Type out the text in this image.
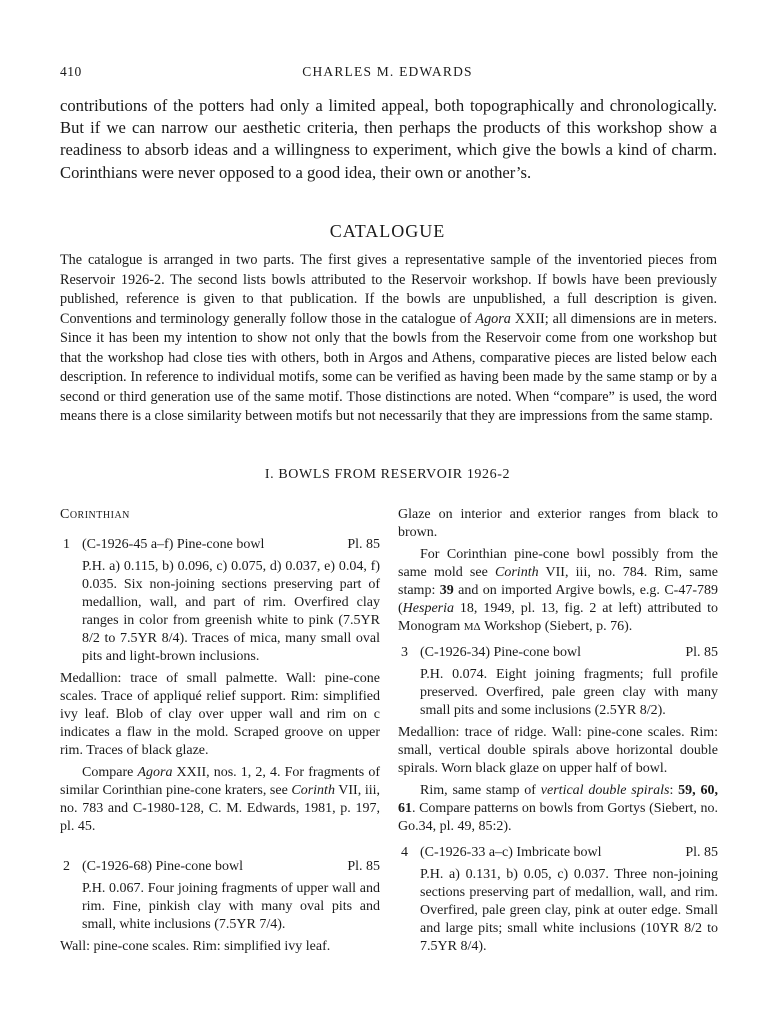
410	CHARLES M. EDWARDS

contributions of the potters had only a limited appeal, both topographically and chronologically. But if we can narrow our aesthetic criteria, then perhaps the products of this workshop show a readiness to absorb ideas and a willingness to experiment, which give the bowls a kind of charm. Corinthians were never opposed to a good idea, their own or another’s.

CATALOGUE

The catalogue is arranged in two parts. The first gives a representative sample of the inventoried pieces from Reservoir 1926-2. The second lists bowls attributed to the Reservoir workshop. If bowls have been previously published, reference is given to that publication. If the bowls are unpublished, a full description is given. Conventions and terminology generally follow those in the catalogue of Agora XXII; all dimensions are in meters. Since it has been my intention to show not only that the bowls from the Reservoir come from one workshop but that the workshop had close ties with others, both in Argos and Athens, comparative pieces are listed below each description. In reference to individual motifs, some can be verified as having been made by the same stamp or by a second or third generation use of the same motif. Those distinctions are noted. When “compare” is used, the word means there is a close similarity between motifs but not necessarily that they are impressions from the same stamp.

I. BOWLS FROM RESERVOIR 1926-2
Corinthian
1 (C-1926-45 a–f) Pine-cone bowl	Pl. 85

P.H. a) 0.115, b) 0.096, c) 0.075, d) 0.037, e) 0.04, f) 0.035. Six non-joining sections preserving part of medallion, wall, and part of rim. Overfired clay ranges in color from greenish white to pink (7.5YR 8/2 to 7.5YR 8/4). Traces of mica, many small oval pits and light-brown inclusions.

Medallion: trace of small palmette. Wall: pine-cone scales. Trace of appliqué relief support. Rim: simplified ivy leaf. Blob of clay over upper wall and rim on c indicates a flaw in the mold. Scraped groove on upper rim. Traces of black glaze.

Compare Agora XXII, nos. 1, 2, 4. For fragments of similar Corinthian pine-cone kraters, see Corinth VII, iii, no. 783 and C-1980-128, C. M. Edwards, 1981, p. 197, pl. 45.

2 (C-1926-68) Pine-cone bowl	Pl. 85

P.H. 0.067. Four joining fragments of upper wall and rim. Fine, pinkish clay with many oval pits and small, white inclusions (7.5YR 7/4).

Wall: pine-cone scales. Rim: simplified ivy leaf.

Glaze on interior and exterior ranges from black to brown.

For Corinthian pine-cone bowl possibly from the same mold see Corinth VII, iii, no. 784. Rim, same stamp: 39 and on imported Argive bowls, e.g. C-47-789 (Hesperia 18, 1949, pl. 13, fig. 2 at left) attributed to Monogram ΜΔ Workshop (Siebert, p. 76).

3 (C-1926-34) Pine-cone bowl	Pl. 85

P.H. 0.074. Eight joining fragments; full profile preserved. Overfired, pale green clay with many small pits and some inclusions (2.5YR 8/2).

Medallion: trace of ridge. Wall: pine-cone scales. Rim: small, vertical double spirals above horizontal double spirals. Worn black glaze on upper half of bowl.

Rim, same stamp of vertical double spirals: 59, 60, 61. Compare patterns on bowls from Gortys (Siebert, no. Go.34, pl. 49, 85:2).

4 (C-1926-33 a–c) Imbricate bowl	Pl. 85

P.H. a) 0.131, b) 0.05, c) 0.037. Three non-joining sections preserving part of medallion, wall, and rim. Overfired, pale green clay, pink at outer edge. Small and large pits; small white inclusions (10YR 8/2 to 7.5YR 8/4).
